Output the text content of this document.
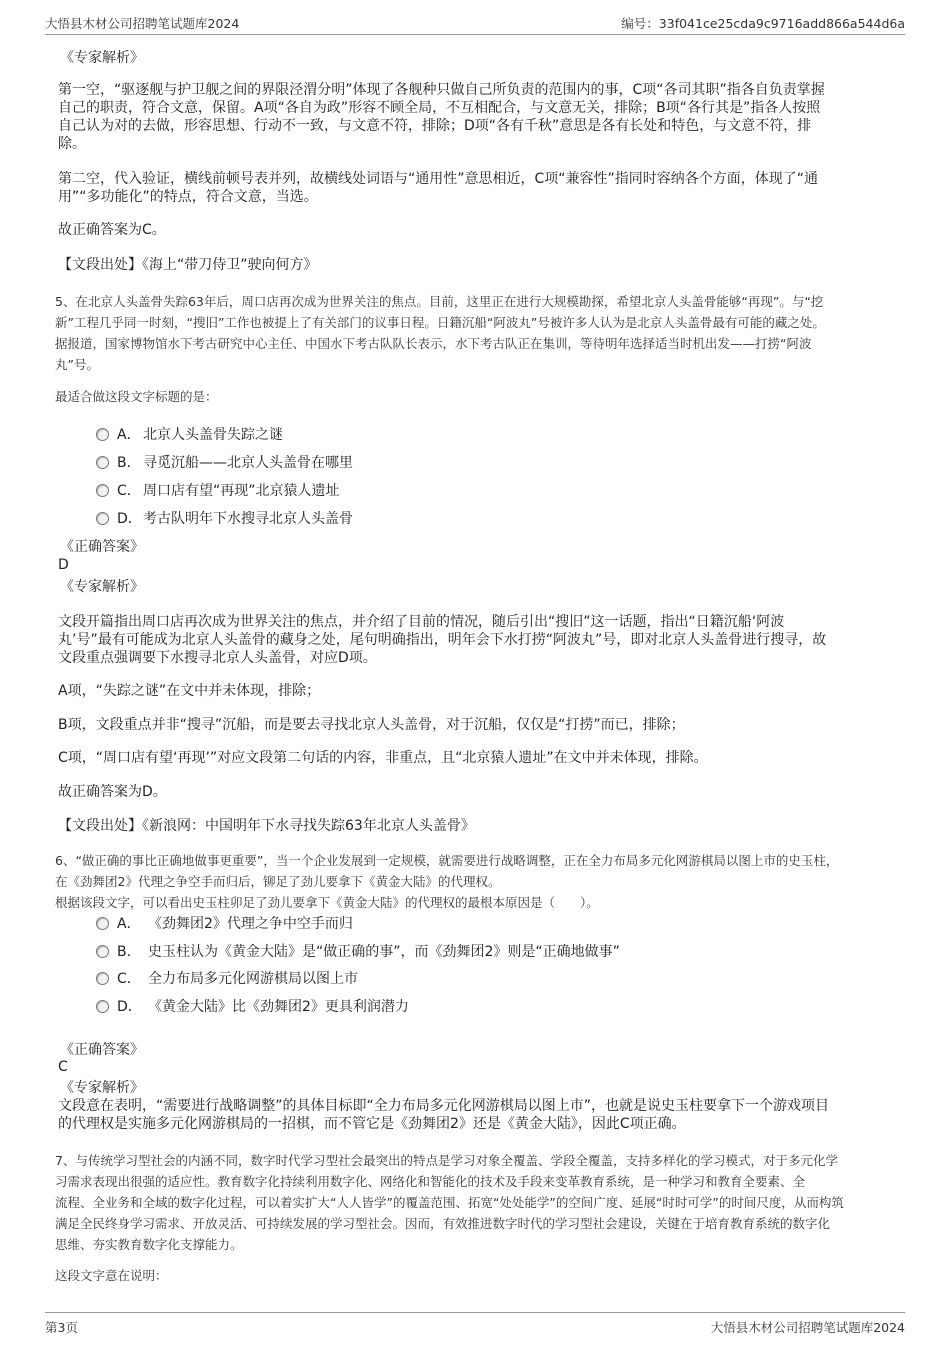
大悟县木材公司招聘笔试题库2024	编号：33f041ce25cda9c9716add866a544d6a
《专家解析》
第一空，“驱逐舰与护卫舰之间的界限泾渭分明”体现了各舰种只做自己所负责的范围内的事，C项“各司其职”指各自负责掌握
自己的职责，符合文意，保留。A项“各自为政”形容不顾全局，不互相配合，与文意无关，排除；B项“各行其是”指各人按照
自己认为对的去做，形容思想、行动不一致，与文意不符，排除；D项“各有千秋”意思是各有长处和特色，与文意不符，排
除。
第二空，代入验证，横线前顿号表并列，故横线处词语与“通用性”意思相近，C项“兼容性”指同时容纳各个方面，体现了“通
用”“多功能化”的特点，符合文意，当选。
故正确答案为C。
【文段出处】《海上“带刀侍卫”驶向何方》
5、在北京人头盖骨失踪63年后，周口店再次成为世界关注的焦点。目前，这里正在进行大规模勘探，希望北京人头盖骨能够“再现”。与“挖
新”工程几乎同一时刻，“搜旧”工作也被提上了有关部门的议事日程。日籍沉船“阿波丸”号被许多人认为是北京人头盖骨最有可能的藏之处。
据报道，国家博物馆水下考古研究中心主任、中国水下考古队队长表示，水下考古队正在集训，等待明年选择适当时机出发——打捞“阿波
丸”号。
最适合做这段文字标题的是：

A．

北京人头盖骨失踪之谜

B．

寻觅沉船——北京人头盖骨在哪里

C．

周口店有望“再现”北京猿人遗址

D．

考古队明年下水搜寻北京人头盖骨

《正确答案》
D
《专家解析》
文段开篇指出周口店再次成为世界关注的焦点，并介绍了目前的情况，随后引出“搜旧”这一话题，指出“日籍沉船‘阿波
丸’号”最有可能成为北京人头盖骨的藏身之处，尾句明确指出，明年会下水打捞“阿波丸”号，即对北京人头盖骨进行搜寻，故
文段重点强调要下水搜寻北京人头盖骨，对应D项。
A项，“失踪之谜”在文中并未体现，排除；
B项，文段重点并非“搜寻”沉船，而是要去寻找北京人头盖骨，对于沉船，仅仅是“打捞”而已，排除；
C项，“周口店有望‘再现’”对应文段第二句话的内容，非重点，且“北京猿人遗址”在文中并未体现，排除。
故正确答案为D。
【文段出处】《新浪网：中国明年下水寻找失踪63年北京人头盖骨》
6、“做正确的事比正确地做事更重要”，当一个企业发展到一定规模，就需要进行战略调整，正在全力布局多元化网游棋局以图上市的史玉柱，
在《劲舞团2》代理之争空手而归后，铆足了劲儿要拿下《黄金大陆》的代理权。
根据该段文字，可以看出史玉柱卯足了劲儿要拿下《黄金大陆》的代理权的最根本原因是（　　）。

A．

《劲舞团2》代理之争中空手而归

B．

史玉柱认为《黄金大陆》是“做正确的事”，而《劲舞团2》则是“正确地做事”

C．

全力布局多元化网游棋局以图上市

D．

《黄金大陆》比《劲舞团2》更具利润潜力

《正确答案》
C
《专家解析》
文段意在表明，“需要进行战略调整”的具体目标即“全力布局多元化网游棋局以图上市”，也就是说史玉柱要拿下一个游戏项目
的代理权是实施多元化网游棋局的一招棋，而不管它是《劲舞团2》还是《黄金大陆》，因此C项正确。
7、与传统学习型社会的内涵不同，数字时代学习型社会最突出的特点是学习对象全覆盖、学段全覆盖，支持多样化的学习模式，对于多元化学
习需求表现出很强的适应性。教育数字化持续利用数字化、网络化和智能化的技术及手段来变革教育系统，是一种学习和教育全要素、全
流程、全业务和全域的数字化过程，可以着实扩大“人人皆学”的覆盖范围、拓宽“处处能学”的空间广度、延展“时时可学”的时间尺度，从而构筑
满足全民终身学习需求、开放灵活、可持续发展的学习型社会。因而，有效推进数字时代的学习型社会建设，关键在于培育教育系统的数字化
思维、夯实教育数字化支撑能力。
这段文字意在说明：
第3页	大悟县木材公司招聘笔试题库2024
